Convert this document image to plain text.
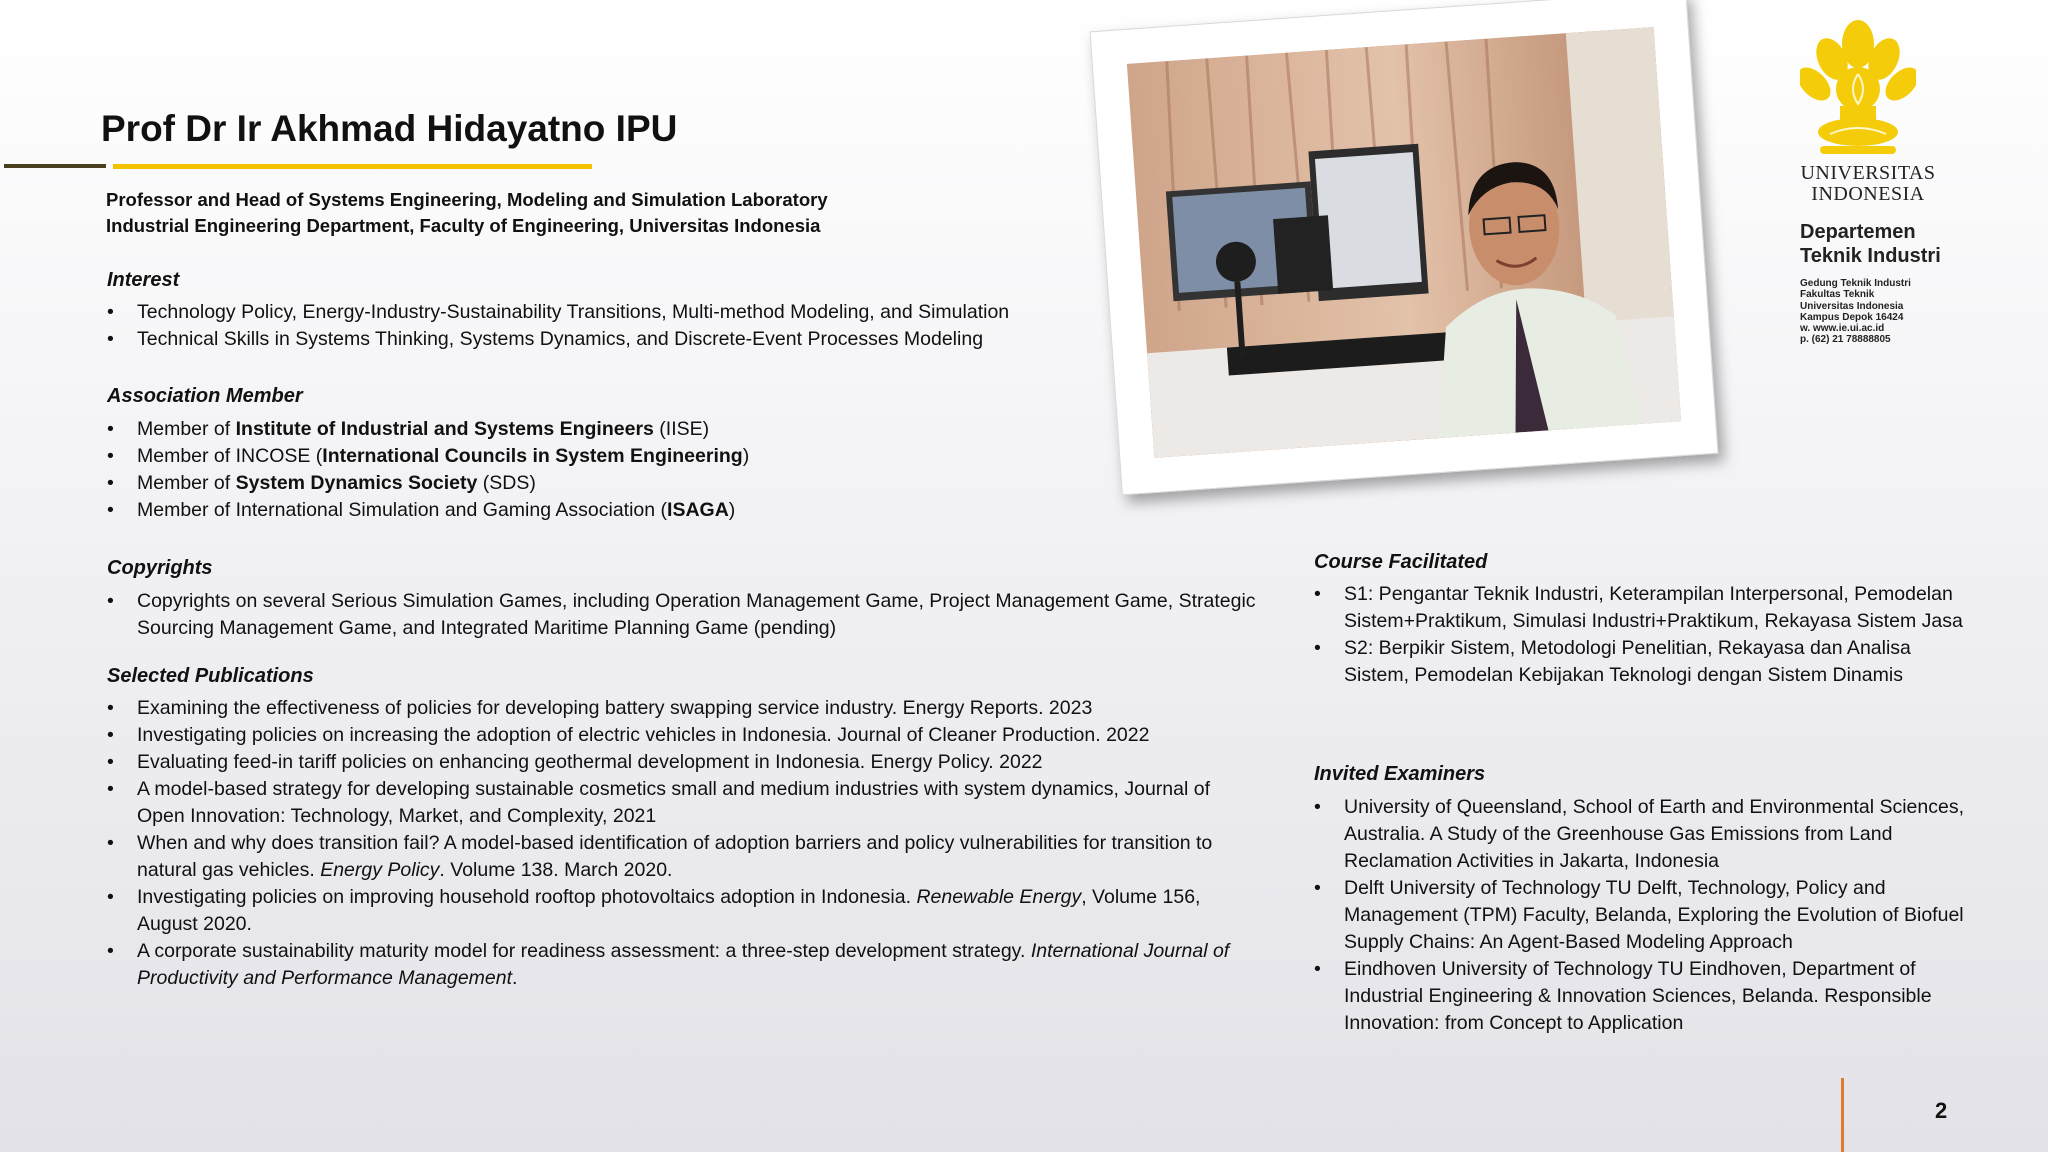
Prof Dr Ir Akhmad Hidayatno IPU
Professor and Head of Systems Engineering, Modeling and Simulation Laboratory
Industrial Engineering Department, Faculty of Engineering, Universitas Indonesia
Interest
• Technology Policy, Energy-Industry-Sustainability Transitions, Multi-method Modeling, and Simulation
• Technical Skills in Systems Thinking, Systems Dynamics, and Discrete-Event Processes Modeling
Association Member
• Member of Institute of Industrial and Systems Engineers (IISE)
• Member of INCOSE (International Councils in System Engineering)
• Member of System Dynamics Society (SDS)
• Member of International Simulation and Gaming Association (ISAGA)
Copyrights
• Copyrights on several Serious Simulation Games, including Operation Management Game, Project Management Game, Strategic Sourcing Management Game, and Integrated Maritime Planning Game (pending)
Selected Publications
• Examining the effectiveness of policies for developing battery swapping service industry. Energy Reports. 2023
• Investigating policies on increasing the adoption of electric vehicles in Indonesia. Journal of Cleaner Production. 2022
• Evaluating feed-in tariff policies on enhancing geothermal development in Indonesia. Energy Policy. 2022
• A model-based strategy for developing sustainable cosmetics small and medium industries with system dynamics, Journal of Open Innovation: Technology, Market, and Complexity, 2021
• When and why does transition fail? A model-based identification of adoption barriers and policy vulnerabilities for transition to natural gas vehicles. Energy Policy. Volume 138. March 2020.
• Investigating policies on improving household rooftop photovoltaics adoption in Indonesia. Renewable Energy, Volume 156, August 2020.
• A corporate sustainability maturity model for readiness assessment: a three-step development strategy. International Journal of Productivity and Performance Management.
UNIVERSITAS
INDONESIA
Departemen
Teknik Industri
Gedung Teknik Industri
Fakultas Teknik
Universitas Indonesia
Kampus Depok 16424
w. www.ie.ui.ac.id
p. (62) 21 78888805
Course Facilitated
• S1: Pengantar Teknik Industri, Keterampilan Interpersonal, Pemodelan Sistem+Praktikum, Simulasi Industri+Praktikum, Rekayasa Sistem Jasa
• S2: Berpikir Sistem, Metodologi Penelitian, Rekayasa dan Analisa Sistem, Pemodelan Kebijakan Teknologi dengan Sistem Dinamis
Invited Examiners
• University of Queensland, School of Earth and Environmental Sciences, Australia. A Study of the Greenhouse Gas Emissions from Land Reclamation Activities in Jakarta, Indonesia
• Delft University of Technology TU Delft, Technology, Policy and Management (TPM) Faculty, Belanda, Exploring the Evolution of Biofuel Supply Chains: An Agent-Based Modeling Approach
• Eindhoven University of Technology TU Eindhoven, Department of Industrial Engineering & Innovation Sciences, Belanda. Responsible Innovation: from Concept to Application
2
